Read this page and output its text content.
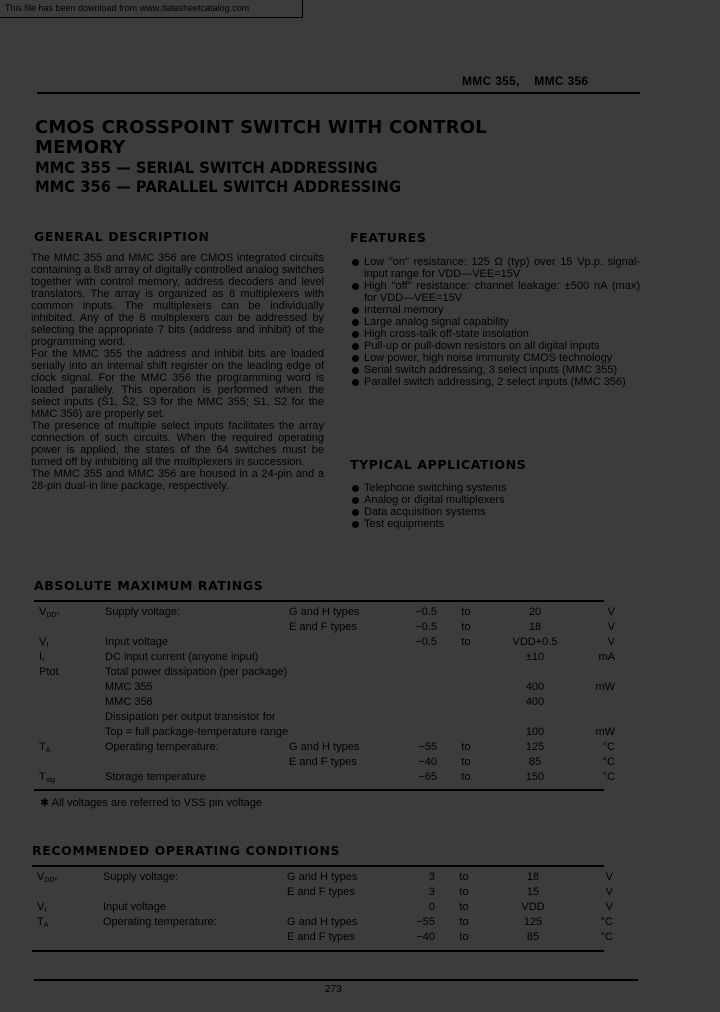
This file has been download from www.datasheetcatalog.com
MMC 355,    MMC 356
CMOS CROSSPOINT SWITCH WITH CONTROL
MEMORY
MMC 355 — SERIAL SWITCH ADDRESSING
MMC 356 — PARALLEL SWITCH ADDRESSING
GENERAL DESCRIPTION

The MMC 355 and MMC 356 are CMOS integrated circuits containing a 8x8 array of digitally controlled analog switches together with control memory, address decoders and level translators. The array is organized as 8 multiplexers with common inputs. The multiplexers can be individually inhibited. Any of the 8 multiplexers can be addressed by selecting the appropriate 7 bits (address and inhibit) of the programming word.

For the MMC 355 the address and inhibit bits are loaded serially into an internal shift register on the leading edge of clock signal. For the MMC 356 the programming word is loaded parallely. This operation is performed when the select inputs (S̄1, S̄2, S3 for the MMC 355; S1, S2 for the MMC 356) are properly set.

The presence of multiple select inputs facilitates the array connection of such circuits. When the required operating power is applied, the states of the 64 switches must be turned off by inhibiting all the multiplexers in succession.

The MMC 355 and MMC 356 are housed in a 24-pin and a 28-pin dual-in line package, respectively.

FEATURES
Low "on" resistance: 125 Ω (typ) over 15 Vp.p. signal-input range for VDD—VEE=15V
High "off" resistance: channel leakage: ±500 nA (max) for VDD—VEE=15V
Internal memory
Large analog signal capability
High cross-talk off-state insolation
Pull-up or pull-down resistors on all digital inputs
Low power, high noise immunity CMOS technology
Serial switch addressing, 3 select inputs (MMC 355)
Parallel switch addressing, 2 select inputs (MMC 356)
TYPICAL APPLICATIONS
Telephone switching systems
Analog or digital multiplexers
Data acquisition systems
Test equipments
ABSOLUTE MAXIMUM RATINGS
$V_{DD*}$	Supply voltage:	G and H types	−0.5	to	20	V
		E and F types	−0.5	to	18	V
$V_I$	Input voltage		−0.5	to	VDD+0.5	V
$I_I$	DC input current (anyone input)				±10	mA
Ptot	Total power dissipation (per package)					
	MMC 355				400	mW
	MMC 356				400	
	Dissipation per output transistor for					
	Top = full package-temperature range				100	mW
$T_A$	Operating temperature:	G and H types	−55	to	125	°C
		E and F types	−40	to	85	°C
$T_{stg}$	Storage temperature		−65	to	150	°C
✱ All voltages are referred to VSS pin voltage
RECOMMENDED OPERATING CONDITIONS
$V_{DD*}$	Supply voltage:	G and H types	3	to	18	V
		E and F types	3	to	15	V
$V_I$	Input voltage		0	to	VDD	V
$T_A$	Operating temperature:	G and H types	−55	to	125	°C
		E and F types	−40	to	85	°C
273
